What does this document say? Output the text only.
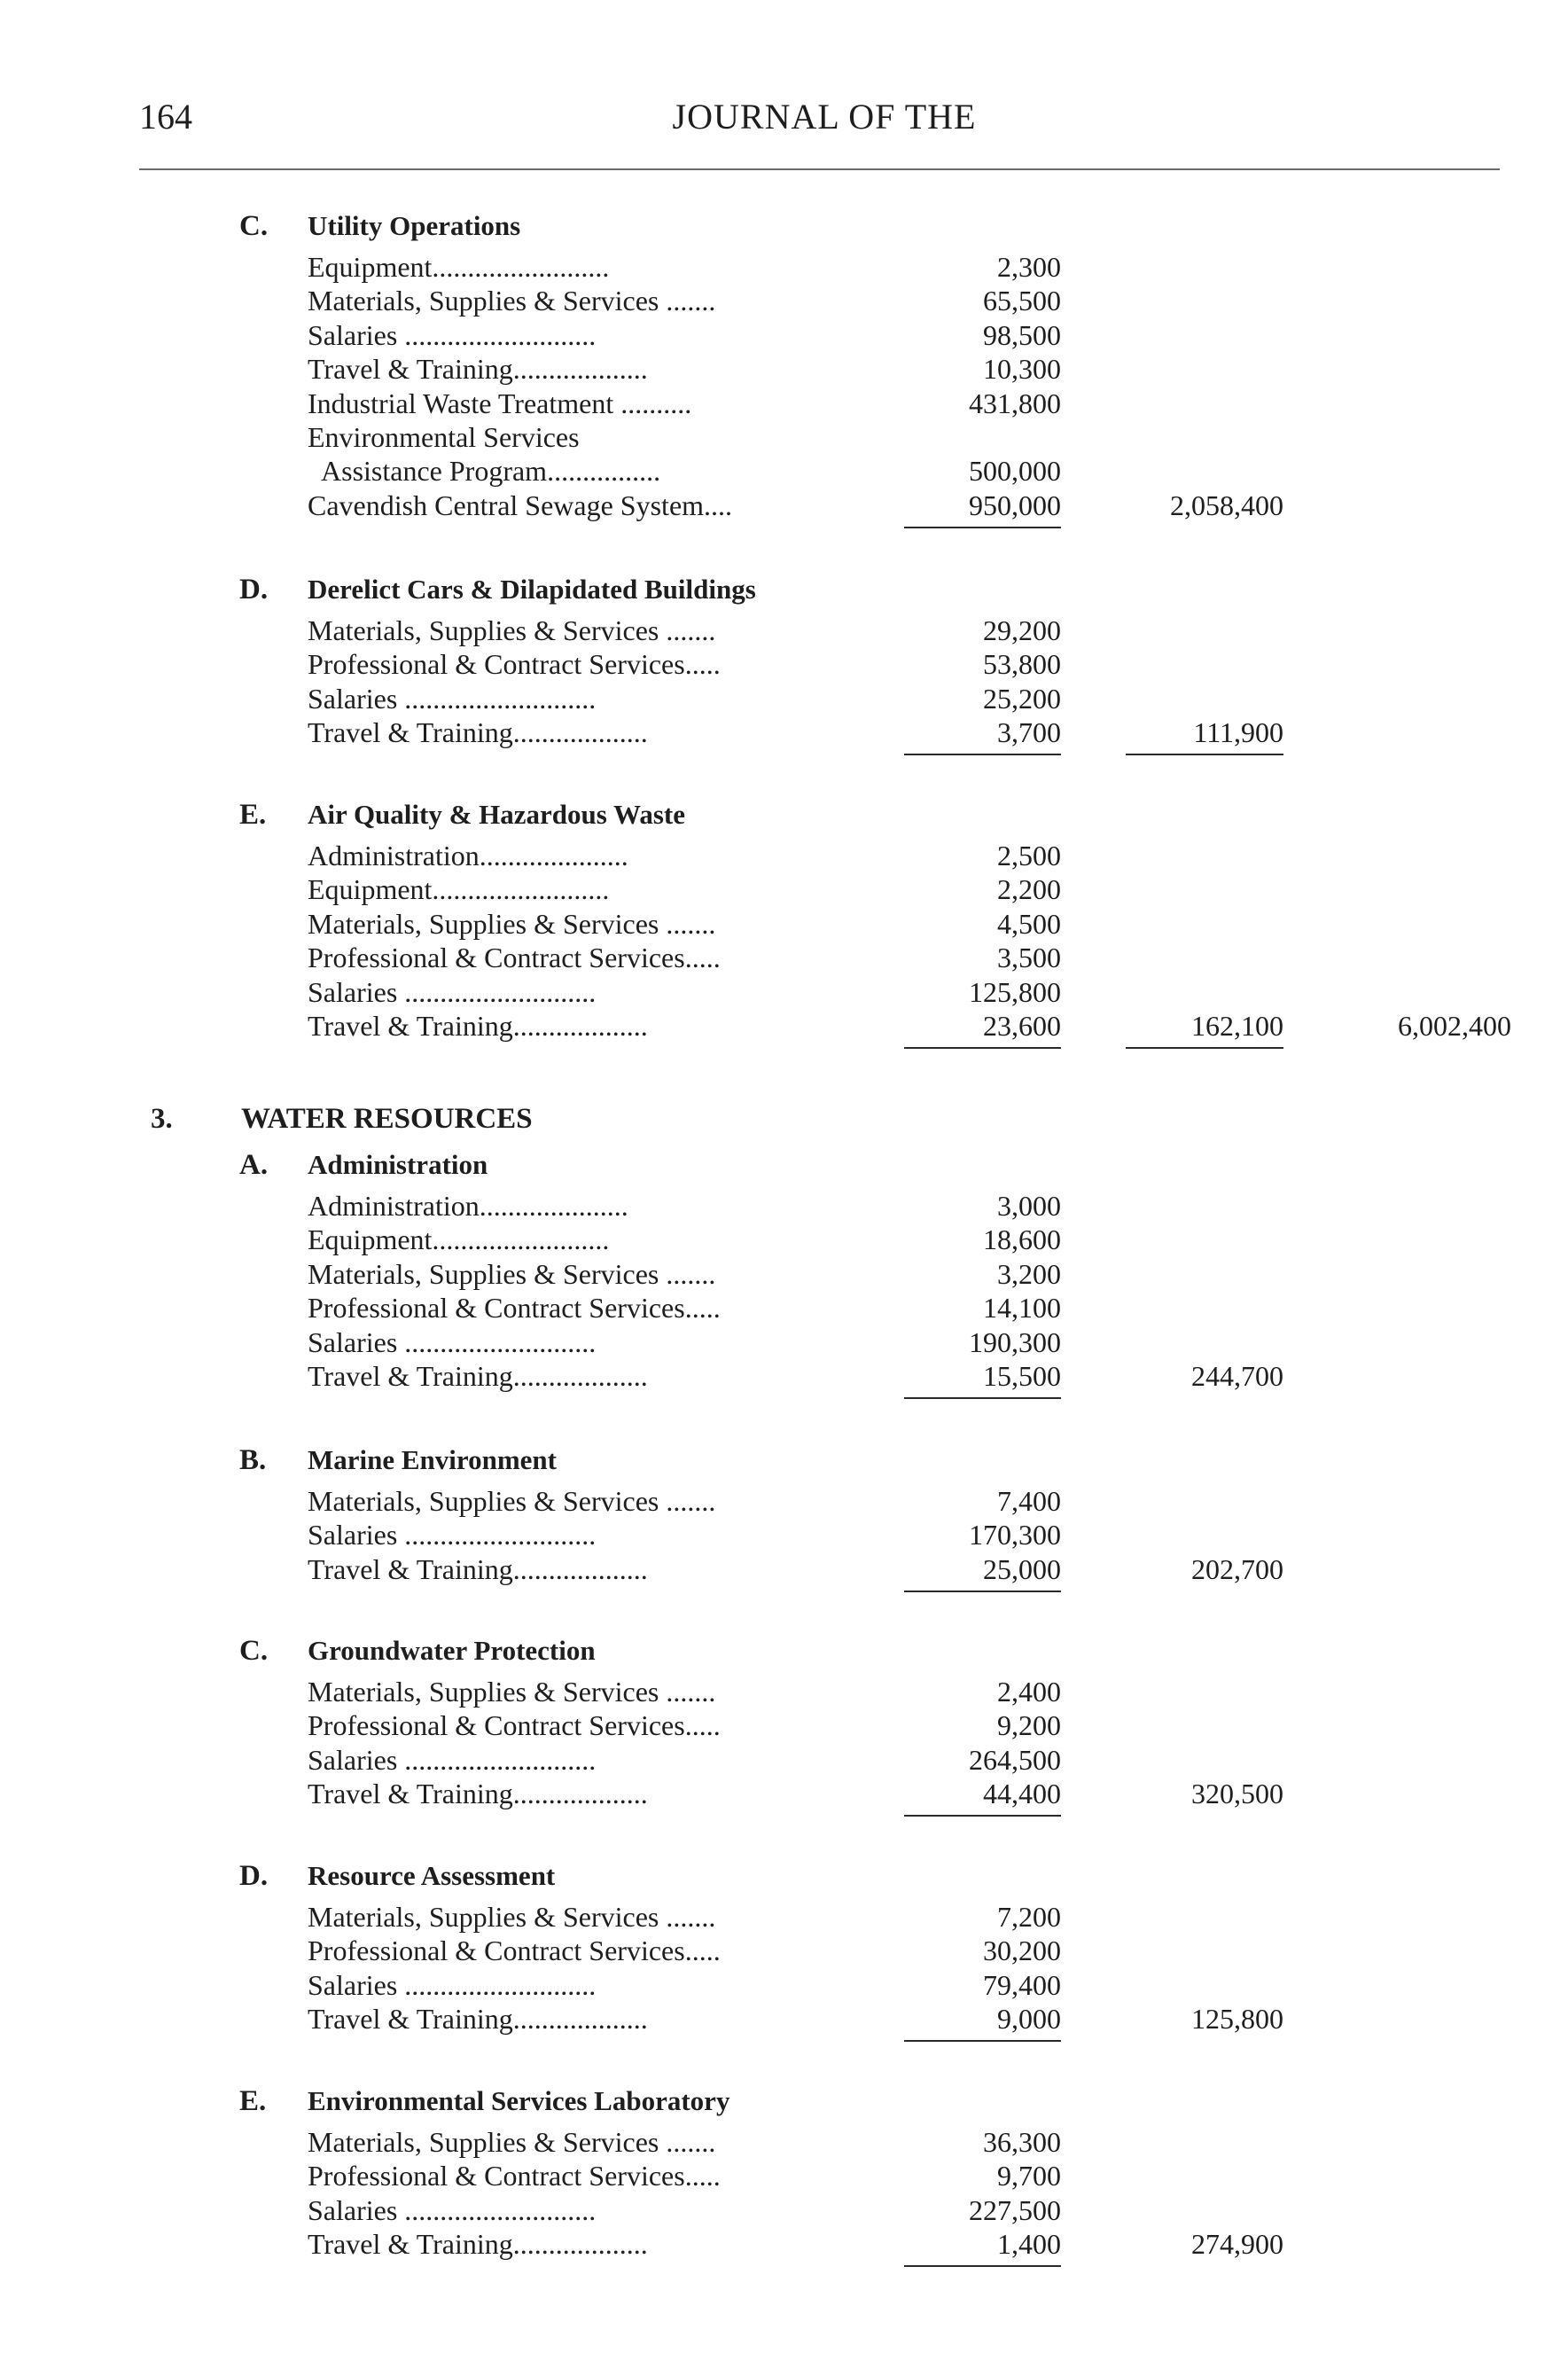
164	JOURNAL OF THE
C. Utility Operations
Equipment.........................	2,300
Materials, Supplies & Services .......	65,500
Salaries ...........................	98,500
Travel & Training...................	10,300
Industrial Waste Treatment ..........	431,800
Environmental Services
Assistance Program................	500,000
Cavendish Central Sewage System....	950,000	2,058,400
D. Derelict Cars & Dilapidated Buildings
Materials, Supplies & Services .......	29,200
Professional & Contract Services.....	53,800
Salaries ...........................	25,200
Travel & Training...................	3,700	111,900
E. Air Quality & Hazardous Waste
Administration.....................	2,500
Equipment.........................	2,200
Materials, Supplies & Services .......	4,500
Professional & Contract Services.....	3,500
Salaries ...........................	125,800
Travel & Training...................	23,600	162,100	6,002,400
3. WATER RESOURCES
A. Administration
Administration.....................	3,000
Equipment.........................	18,600
Materials, Supplies & Services .......	3,200
Professional & Contract Services.....	14,100
Salaries ...........................	190,300
Travel & Training...................	15,500	244,700
B. Marine Environment
Materials, Supplies & Services .......	7,400
Salaries ...........................	170,300
Travel & Training...................	25,000	202,700
C. Groundwater Protection
Materials, Supplies & Services .......	2,400
Professional & Contract Services.....	9,200
Salaries ...........................	264,500
Travel & Training...................	44,400	320,500
D. Resource Assessment
Materials, Supplies & Services .......	7,200
Professional & Contract Services.....	30,200
Salaries ...........................	79,400
Travel & Training...................	9,000	125,800
E. Environmental Services Laboratory
Materials, Supplies & Services .......	36,300
Professional & Contract Services.....	9,700
Salaries ...........................	227,500
Travel & Training...................	1,400	274,900
